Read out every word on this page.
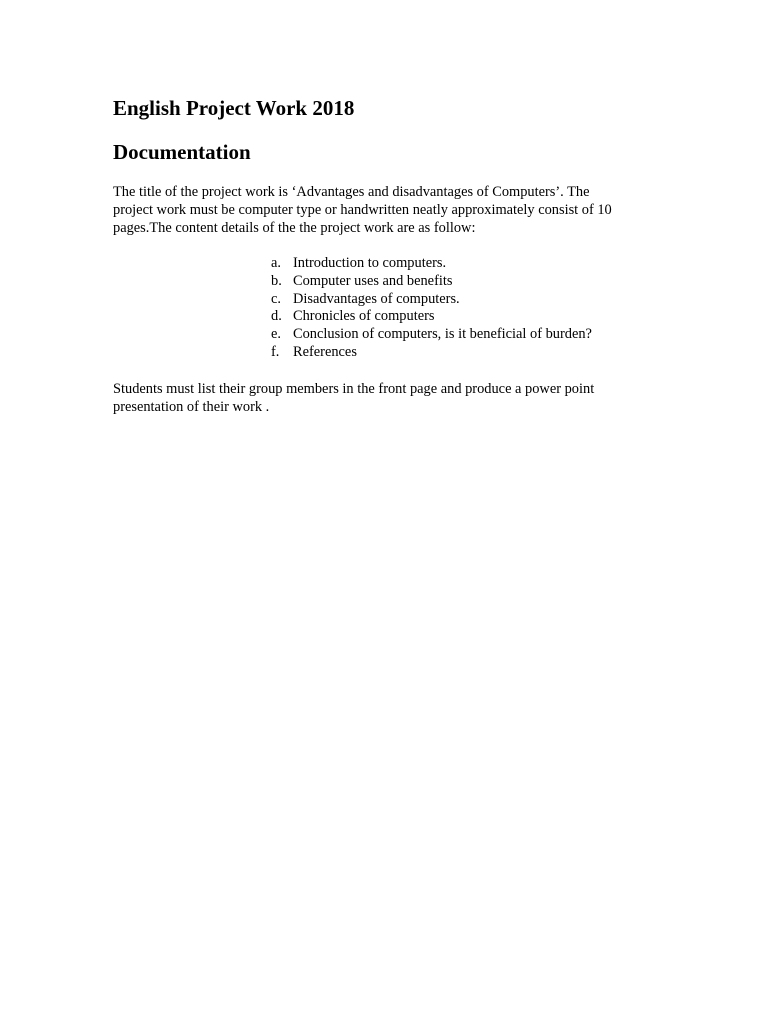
English Project Work 2018
Documentation

The title of the project work is ‘Advantages and disadvantages of Computers’. The
project work must be computer type or handwritten neatly approximately consist of 10
pages.The content details of the the project work are as follow:

a. Introduction to computers.
b. Computer uses and benefits
c. Disadvantages of computers.
d. Chronicles of computers
e. Conclusion of computers, is it beneficial of burden?
f. References

Students must list their group members in the front page and produce a power point
presentation of their work .
